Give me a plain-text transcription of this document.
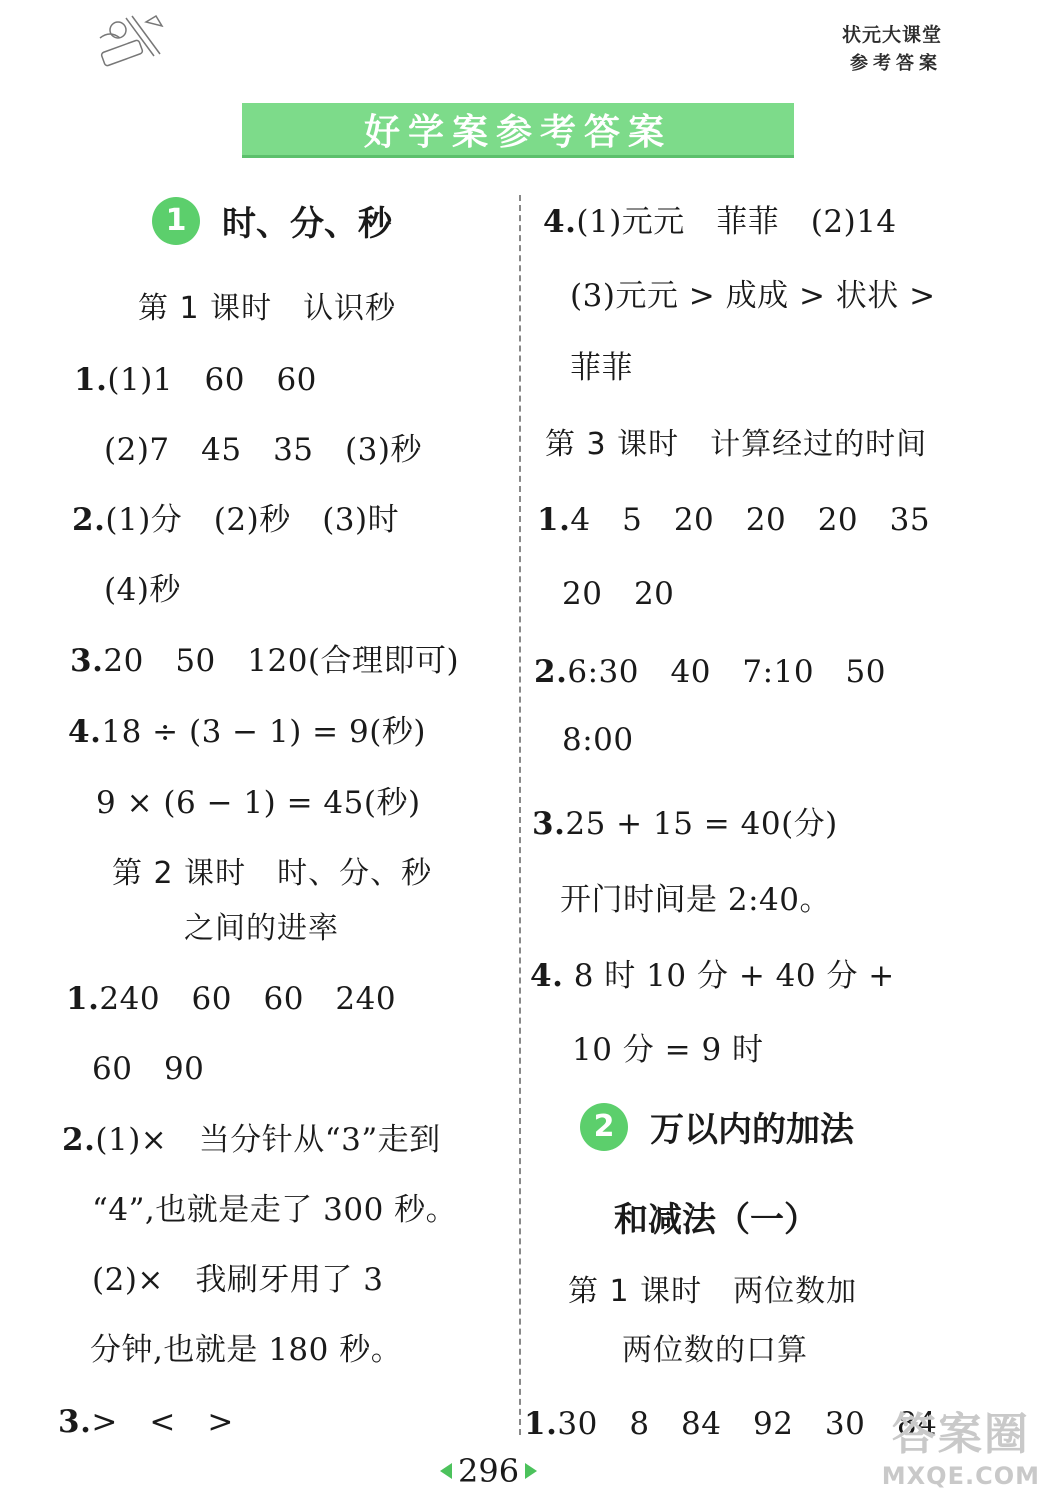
状元大课堂
参考答案
好学案参考答案
1	时、分、秒
第 1 课时　认识秒
1.(1)1　60　60
(2)7　45　35　(3)秒
2.(1)分　(2)秒　(3)时
(4)秒
3.20　50　120(合理即可)
4.18 ÷ (3 − 1) = 9(秒)
9 × (6 − 1) = 45(秒)
第 2 课时　时、分、秒
之间的进率
1.240　60　60　240
60　90
2.(1)×　当分针从“3”走到
“4”,也就是走了 300 秒。
(2)×　我刷牙用了 3
分钟,也就是 180 秒。
3.>　<　>
4.(1)元元　菲菲　(2)14
(3)元元 > 成成 > 状状 >
菲菲
第 3 课时　计算经过的时间
1.4　5　20　20　20　35
20　20
2.6:30　40　7:10　50
8:00
3.25 + 15 = 40(分)
开门时间是 2:40。
4. 8 时 10 分 + 40 分 +
10 分 = 9 时
2	万以内的加法
和减法（一）
第 1 课时　两位数加
两位数的口算
1.30　8　84　92　30　84
296
答案圈
MXQE.COM
